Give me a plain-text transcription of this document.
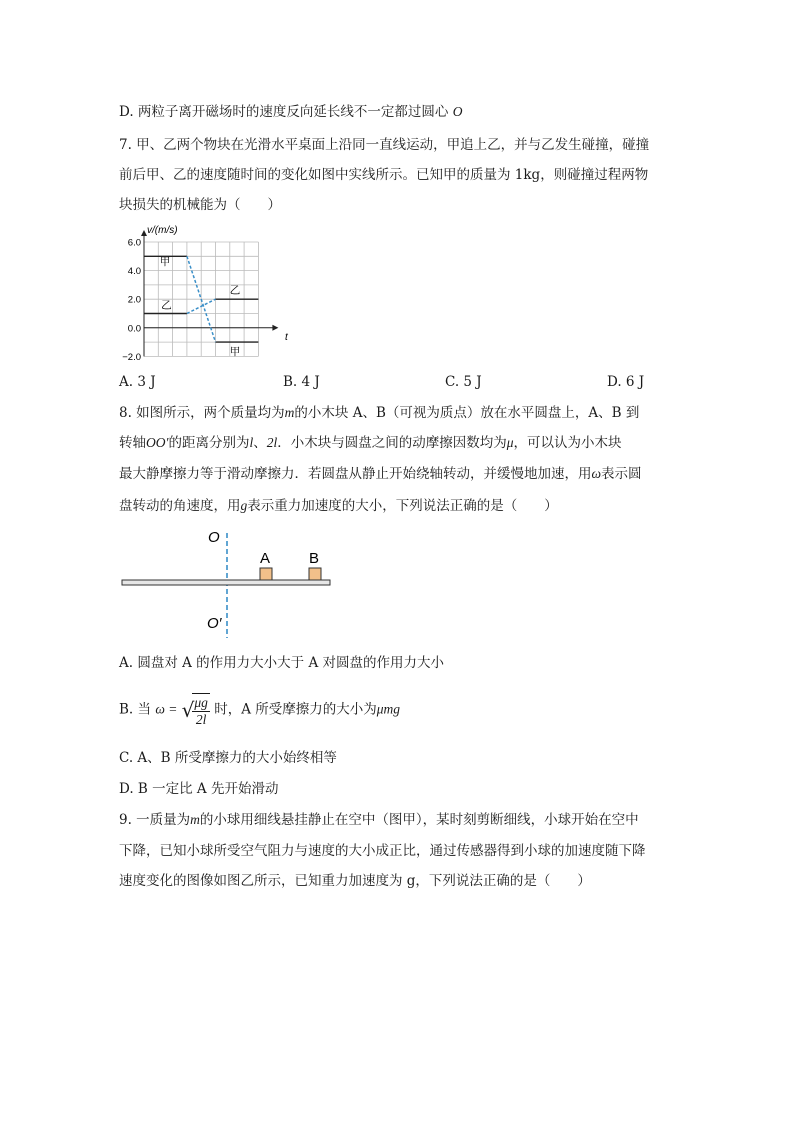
D. 两粒子离开磁场时的速度反向延长线不一定都过圆心 O
7. 甲、乙两个物块在光滑水平桌面上沿同一直线运动，甲追上乙，并与乙发生碰撞，碰撞
前后甲、乙的速度随时间的变化如图中实线所示。已知甲的质量为 1kg，则碰撞过程两物
块损失的机械能为（　　）
v/(m/s)
t
6.0
4.0
2.0
0.0
−2.0
甲
乙
乙
甲
A. 3 J	B. 4 J	C. 5 J	D. 6 J
8. 如图所示，两个质量均为m的小木块 A、B（可视为质点）放在水平圆盘上，A、B 到
转轴OO′的距离分别为l、2l．小木块与圆盘之间的动摩擦因数均为μ，可以认为小木块
最大静摩擦力等于滑动摩擦力．若圆盘从静止开始绕轴转动，并缓慢地加速，用ω表示圆
盘转动的角速度，用g表示重力加速度的大小，下列说法正确的是（　　）
O
O′
A	B
A. 圆盘对 A 的作用力大小大于 A 对圆盘的作用力大小
B. 当 ω = √
$\frac{\mu g}{2l}$ 时，A 所受摩擦力的大小为μmg
C. A、B 所受摩擦力的大小始终相等
D. B 一定比 A 先开始滑动
9. 一质量为m的小球用细线悬挂静止在空中（图甲），某时刻剪断细线，小球开始在空中
下降，已知小球所受空气阻力与速度的大小成正比，通过传感器得到小球的加速度随下降
速度变化的图像如图乙所示，已知重力加速度为 g，下列说法正确的是（　　）
